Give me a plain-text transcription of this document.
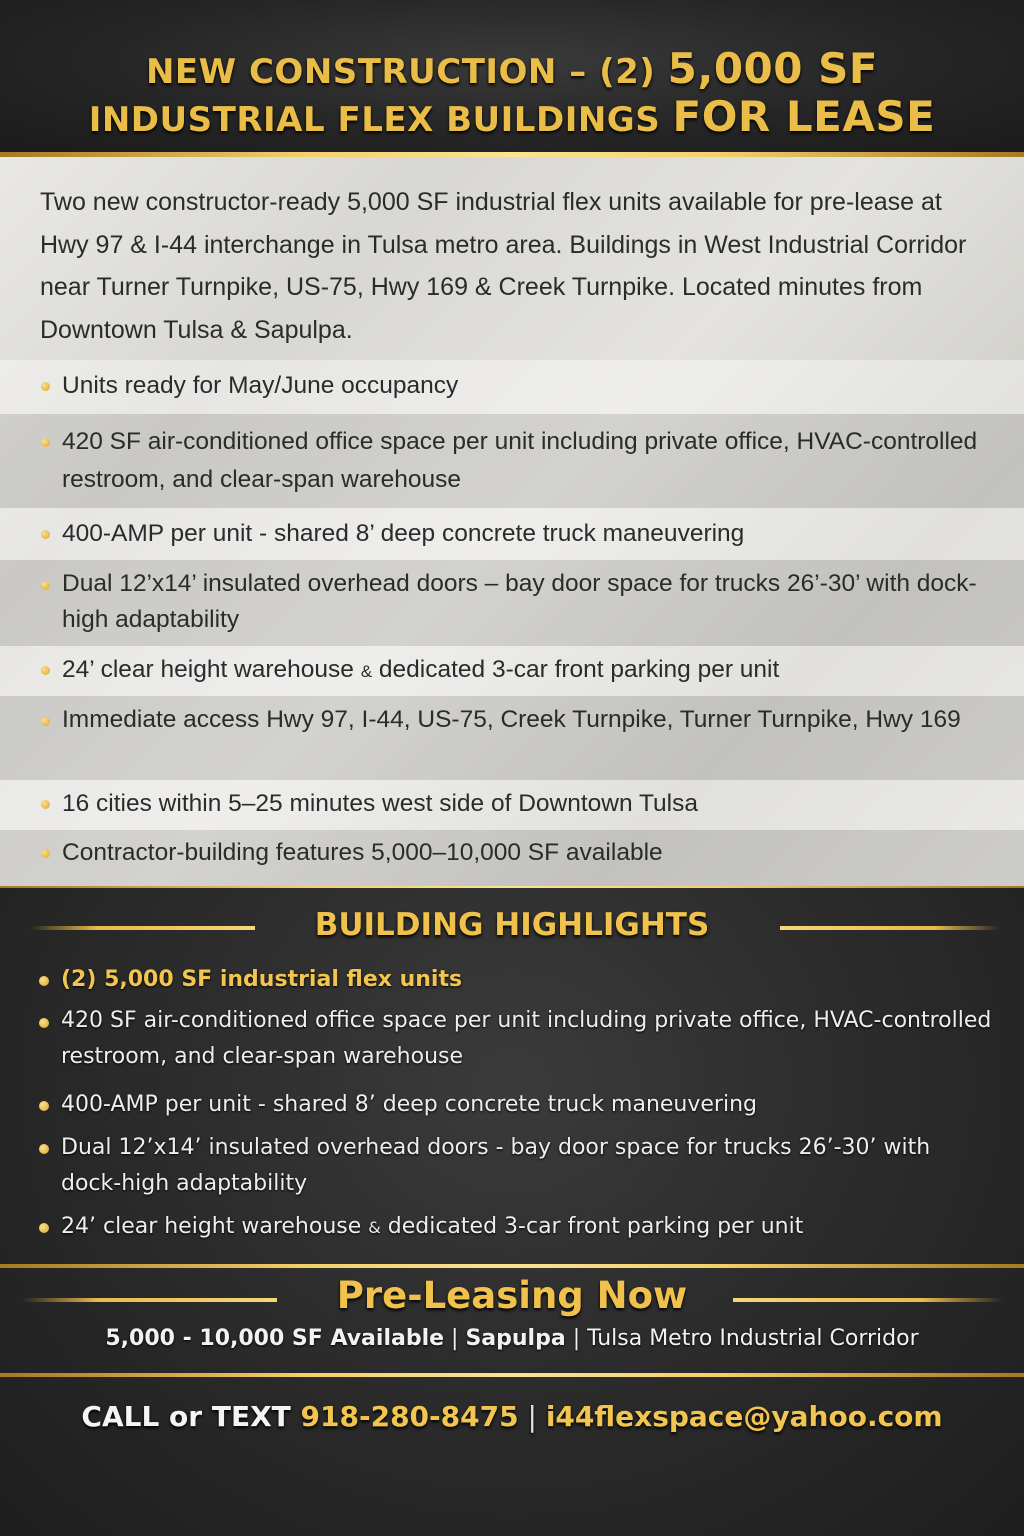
NEW CONSTRUCTION – (2) 5,000 SF
INDUSTRIAL FLEX BUILDINGS FOR LEASE

Two new constructor-ready 5,000 SF industrial flex units available for pre-lease at Hwy 97 & I-44 interchange in Tulsa metro area. Buildings in West Industrial Corridor near Turner Turnpike, US-75, Hwy 169 & Creek Turnpike. Located minutes from Downtown Tulsa & Sapulpa.

Units ready for May/June occupancy

420 SF air-conditioned office space per unit including private office, HVAC-controlled restroom, and clear-span warehouse

400-AMP per unit - shared 8’ deep concrete truck maneuvering

Dual 12’x14’ insulated overhead doors – bay door space for trucks 26’-30’ with dock-high adaptability

24’ clear height warehouse & dedicated 3-car front parking per unit

Immediate access Hwy 97, I-44, US-75, Creek Turnpike, Turner Turnpike, Hwy 169

16 cities within 5–25 minutes west side of Downtown Tulsa

Contractor-building features 5,000–10,000 SF available

BUILDING HIGHLIGHTS

(2) 5,000 SF industrial flex units

420 SF air-conditioned office space per unit including private office, HVAC-controlled restroom, and clear-span warehouse

400-AMP per unit - shared 8’ deep concrete truck maneuvering

Dual 12’x14’ insulated overhead doors - bay door space for trucks 26’-30’ with dock-high adaptability

24’ clear height warehouse & dedicated 3-car front parking per unit

Pre-Leasing Now
5,000 - 10,000 SF Available | Sapulpa | Tulsa Metro Industrial Corridor
CALL or TEXT 918-280-8475 | i44flexspace@yahoo.com
